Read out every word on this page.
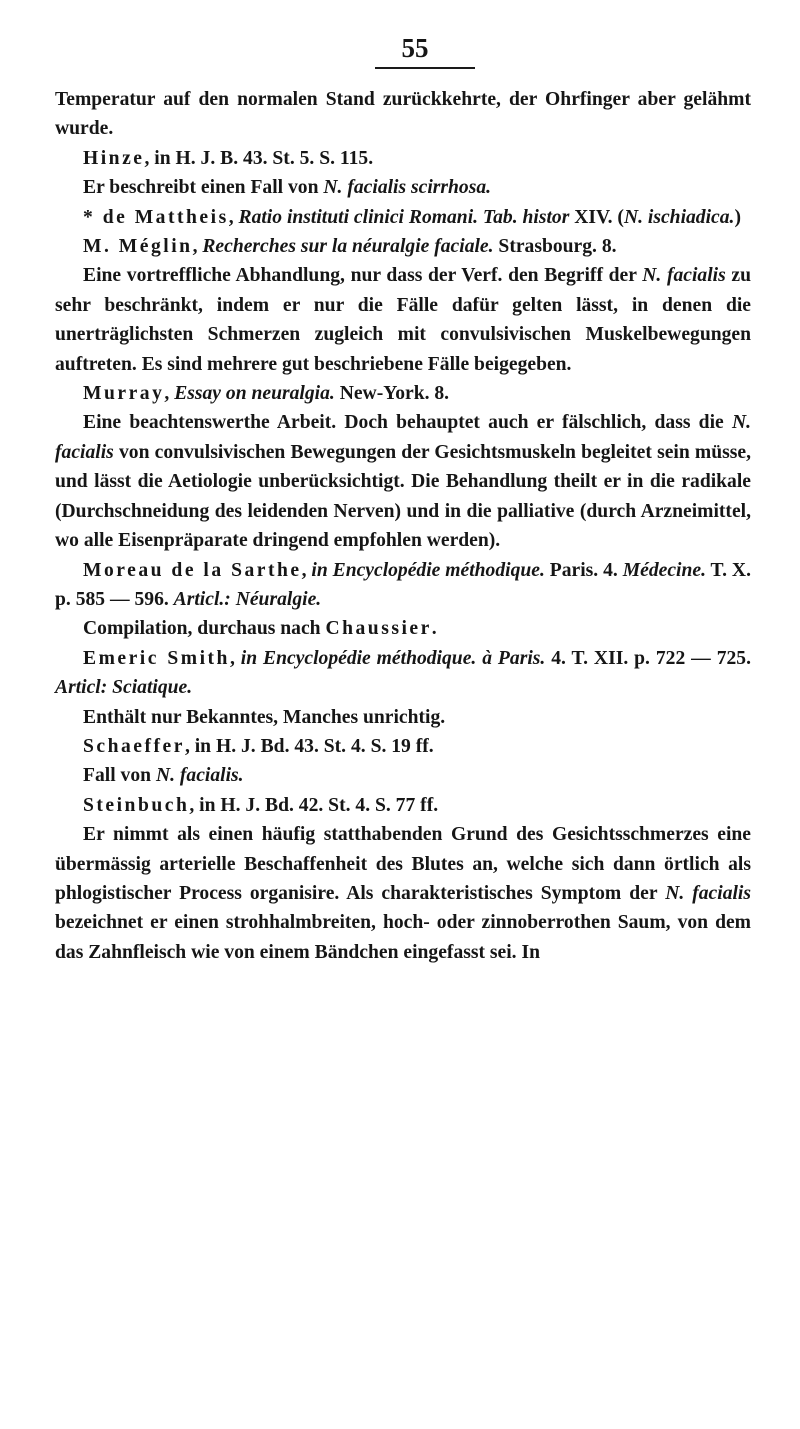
55

Temperatur auf den normalen Stand zurückkehrte, der Ohrfinger aber gelähmt wurde.

Hinze, in H. J. B. 43. St. 5. S. 115.

Er beschreibt einen Fall von N. facialis scirrhosa.

* de Mattheis, Ratio instituti clinici Romani. Tab. histor XIV. (N. ischiadica.)

M. Méglin, Recherches sur la néuralgie faciale. Strasbourg. 8.

Eine vortreffliche Abhandlung, nur dass der Verf. den Begriff der N. facialis zu sehr beschränkt, indem er nur die Fälle dafür gelten lässt, in denen die unerträglichsten Schmerzen zugleich mit convulsivischen Muskelbewegungen auftreten. Es sind mehrere gut beschriebene Fälle beigegeben.

Murray, Essay on neuralgia. New-York. 8.

Eine beachtenswerthe Arbeit. Doch behauptet auch er fälschlich, dass die N. facialis von convulsivischen Bewegungen der Gesichtsmuskeln begleitet sein müsse, und lässt die Aetiologie unberücksichtigt. Die Behandlung theilt er in die radikale (Durchschneidung des leidenden Nerven) und in die palliative (durch Arzneimittel, wo alle Eisenpräparate dringend empfohlen werden).

Moreau de la Sarthe, in Encyclopédie méthodique. Paris. 4. Médecine. T. X. p. 585 — 596. Articl.: Néuralgie.

Compilation, durchaus nach Chaussier.

Emeric Smith, in Encyclopédie méthodique. à Paris. 4. T. XII. p. 722 — 725. Articl: Sciatique.

Enthält nur Bekanntes, Manches unrichtig.

Schaeffer, in H. J. Bd. 43. St. 4. S. 19 ff.

Fall von N. facialis.

Steinbuch, in H. J. Bd. 42. St. 4. S. 77 ff.

Er nimmt als einen häufig statthabenden Grund des Gesichtsschmerzes eine übermässig arterielle Beschaffenheit des Blutes an, welche sich dann örtlich als phlogistischer Process organisire. Als charakteristisches Symptom der N. facialis bezeichnet er einen strohhalmbreiten, hoch- oder zinnoberrothen Saum, von dem das Zahnfleisch wie von einem Bändchen eingefasst sei. In
